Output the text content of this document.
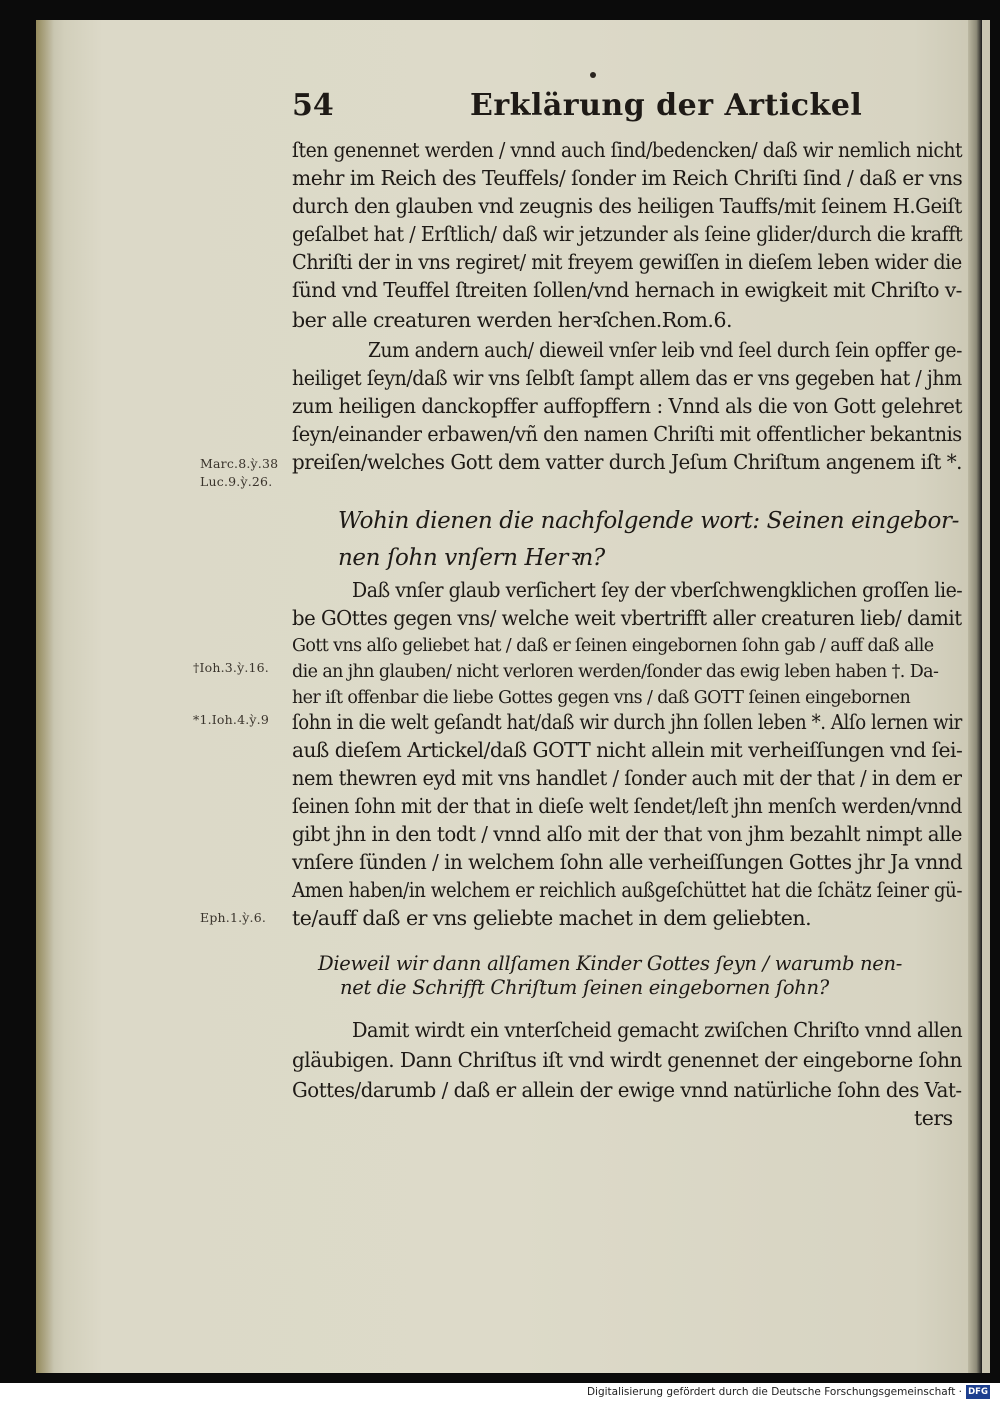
54	Erklärung der Artickel
ſten genennet werden / vnnd auch ſind/bedencken/ daß wir nemlich nicht
mehr im Reich des Teuffels/ ſonder im Reich Chriſti ſind / daß er vns
durch den glauben vnd zeugnis des heiligen Tauffs/mit ſeinem H.Geiſt
geſalbet hat / Erſtlich/ daß wir jetzunder als ſeine glider/durch die krafft
Chriſti der in vns regiret/ mit freyem gewiſſen in dieſem leben wider die
ſünd vnd Teuffel ſtreiten ſollen/vnd hernach in ewigkeit mit Chriſto v-
ber alle creaturen werden herꝛſchen.Rom.6.
Zum andern auch/ dieweil vnſer leib vnd ſeel durch ſein opffer ge-
heiliget ſeyn/daß wir vns ſelbſt ſampt allem das er vns gegeben hat / jhm
zum heiligen danckopffer auffopffern : Vnnd als die von Gott gelehret
ſeyn/einander erbawen/vñ den namen Chriſti mit offentlicher bekantnis
preiſen/welches Gott dem vatter durch Jeſum Chriſtum angenem iſt *.
Marc.8.ỳ.38
Luc.9.ỳ.26.
Wohin dienen die nachfolgende wort: Seinen eingebor-
nen ſohn vnſern Herꝛn?
Daß vnſer glaub verſichert ſey der vberſchwengklichen groſſen lie-
be GOttes gegen vns/ welche weit vbertrifft aller creaturen lieb/ damit
Gott vns alſo geliebet hat / daß er ſeinen eingebornen ſohn gab / auff daß alle
die an jhn glauben/ nicht verloren werden/ſonder das ewig leben haben †. Da-
her iſt offenbar die liebe Gottes gegen vns / daß GOTT ſeinen eingebornen
ſohn in die welt geſandt hat/daß wir durch jhn ſollen leben *. Alſo lernen wir
auß dieſem Artickel/daß GOTT nicht allein mit verheiſſungen vnd ſei-
nem thewren eyd mit vns handlet / ſonder auch mit der that / in dem er
ſeinen ſohn mit der that in dieſe welt ſendet/leſt jhn menſch werden/vnnd
gibt jhn in den todt / vnnd alſo mit der that von jhm bezahlt nimpt alle
vnſere ſünden / in welchem ſohn alle verheiſſungen Gottes jhr Ja vnnd
Amen haben/in welchem er reichlich außgeſchüttet hat die ſchätz ſeiner gü-
te/auff daß er vns geliebte machet in dem geliebten.
†Ioh.3.ỳ.16.
*1.Ioh.4.ỳ.9
Eph.1.ỳ.6.
Dieweil wir dann allſamen Kinder Gottes ſeyn / warumb nen-
net die Schrifft Chriſtum ſeinen eingebornen ſohn?
Damit wirdt ein vnterſcheid gemacht zwiſchen Chriſto vnnd allen
gläubigen. Dann Chriſtus iſt vnd wirdt genennet der eingeborne ſohn
Gottes/darumb / daß er allein der ewige vnnd natürliche ſohn des Vat-
ters
Digitalisierung gefördert durch die Deutsche Forschungsgemeinschaft · DFG
